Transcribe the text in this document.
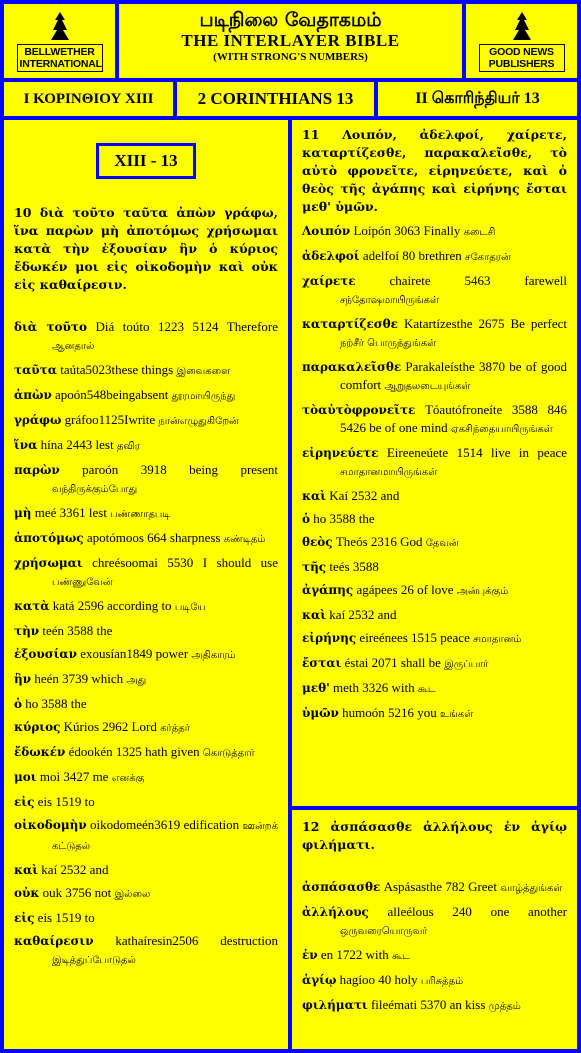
BELLWETHER INTERNATIONAL
படிநிலை வேதாகமம்
THE INTERLAYER BIBLE
(WITH STRONG'S NUMBERS)	GOOD NEWS PUBLISHERS
Ι ΚΟΡΙΝΘΙΟΥ XIII	2 CORINTHIANS 13	II கொரிந்தியர் 13
XIII - 13
10 διὰ τοῦτο ταῦτα ἀπὼν γράφω, ἵνα παρὼν μὴ ἀποτόμως χρήσωμαι κατὰ τὴν ἐξουσίαν ἣν ὁ κύριος ἔδωκέν μοι εἰς οἰκοδομὴν καὶ οὐκ εἰς καθαίρεσιν.
διὰ τοῦτο Diá toúto 1223 5124 Therefore ஆனதால்
ταῦτα taúta5023these things இவைகளை
ἀπὼν apoón548beingabsent தூரமாயிருந்து
γράφω gráfoo1125Iwrite நான்எழுதுகிறேன்
ἵνα hína 2443 lest தவிர
παρὼν paroón 3918 being present வந்திருக்கும்போது
μὴ meé 3361 lest பண்ணாதபடி
ἀποτόμως apotómoos 664 sharpness கண்டிதம்
χρήσωμαι chreésoomai 5530 I should use பண்ணுவேன்
κατὰ katá 2596 according to படியே
τὴν teén 3588 the
ἐξουσίαν exousían1849 power அதிகாரம்
ἣν heén 3739 which அது
ὁ ho 3588 the
κύριος Kúrios 2962 Lord கர்த்தர்
ἔδωκέν édookén 1325 hath given கொடுத்தார்
μοι moi 3427 me எனக்கு
εἰς eis 1519 to
οἰκοδομὴν oikodomeén3619 edification ஊன்றக் கட்டுதல்
καὶ kaí 2532 and
οὐκ ouk 3756 not இல்லை
εἰς eis 1519 to
καθαίρεσιν kathaíresin2506 destruction இடித்துப்போடுதல்
11 Λοιπόν, ἀδελφοί, χαίρετε, καταρτίζεσθε, παρακαλεῖσθε, τὸ αὐτὸ φρονεῖτε, εἰρηνεύετε, καὶ ὁ θεὸς τῆς ἀγάπης καὶ εἰρήνης ἔσται μεθ' ὑμῶν.
Λοιπόν Loipón 3063 Finally கடைசி
ἀδελφοί adelfoí 80 brethren சகோதரன்
χαίρετε chairete 5463 farewell சந்தோஷமாயிருங்கள்
καταρτίζεσθε Katartízesthe 2675 Be perfect நற்சீர் பொருந்துங்கள்
παρακαλεῖσθε Parakaleísthe 3870 be of good comfort ஆறுதலடையுங்கள்
τὸαὐτὸφρονεῖτε Tóautófroneíte 3588 846 5426 be of one mind ஏகசிந்தையாயிருங்கள்
εἰρηνεύετε Eireeneúete 1514 live in peace சமாதானமாயிருங்கள்
καὶ Kaí 2532 and
ὁ ho 3588 the
θεὸς Theós 2316 God தேவன்
τῆς teés 3588
ἀγάπης agápees 26 of love அன்புக்கும்
καὶ kaí 2532 and
εἰρήνης eireénees 1515 peace சமாதானம்
ἔσται éstai 2071 shall be இருப்பார்
μεθ' meth 3326 with கூட
ὑμῶν humoón 5216 you உங்கள்
12 ἀσπάσασθε ἀλλήλους ἐν ἁγίῳ φιλήματι.
ἀσπάσασθε Aspásasthe 782 Greet வாழ்த்துங்கள்
ἀλλήλους alleélous 240 one another ஒருவரையொருவர்
ἐν en 1722 with கூட
ἁγίῳ hagíoo 40 holy பரிசுத்தம்
φιλήματι fileémati 5370 an kiss முத்தம்
